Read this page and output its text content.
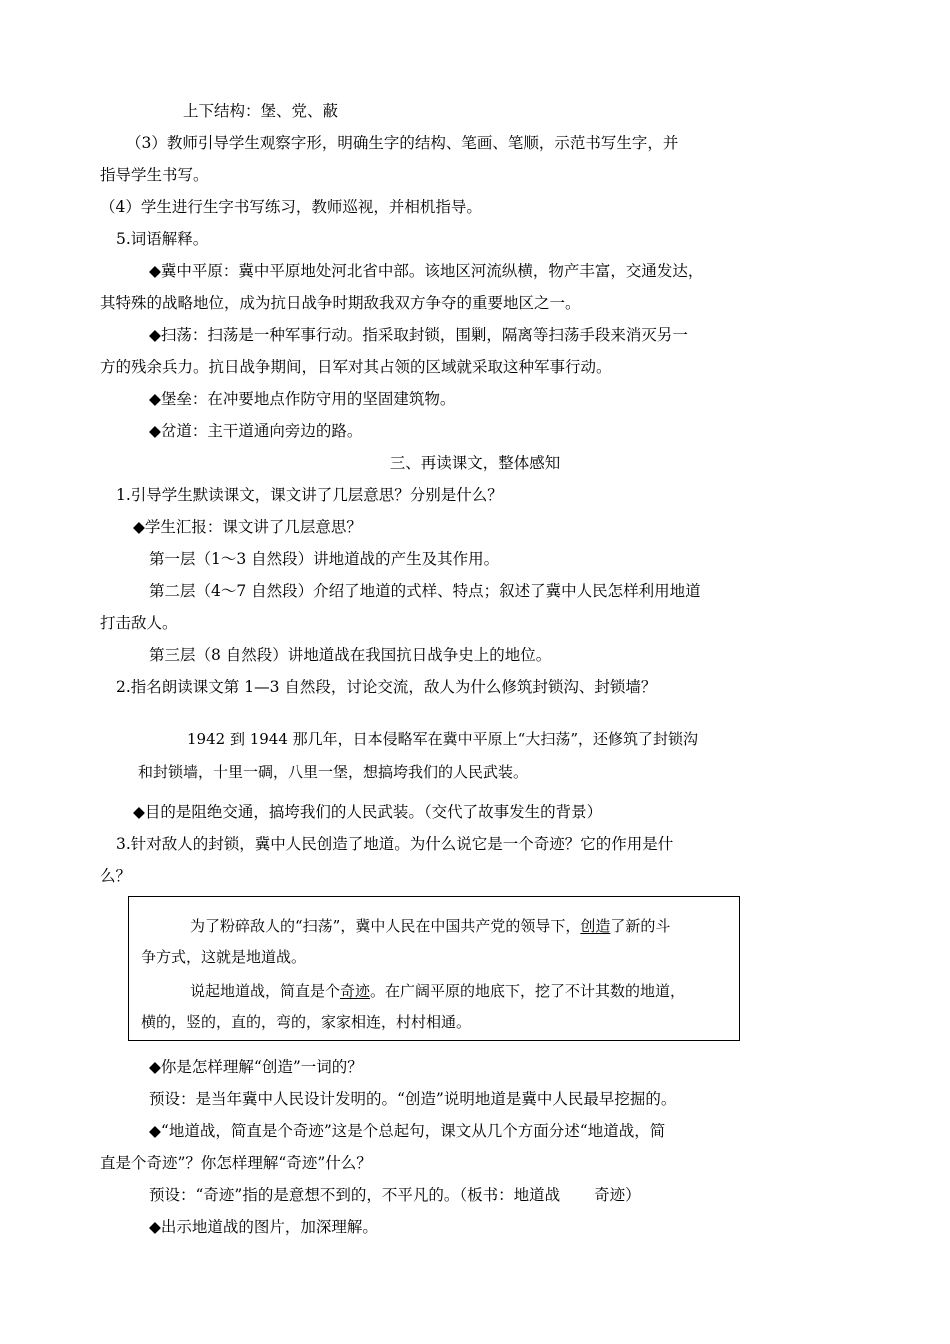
上下结构：堡、党、蔽

（3）教师引导学生观察字形，明确生字的结构、笔画、笔顺，示范书写生字，并

指导学生书写。

（4）学生进行生字书写练习，教师巡视，并相机指导。

5.词语解释。

◆冀中平原：冀中平原地处河北省中部。该地区河流纵横，物产丰富，交通发达，

其特殊的战略地位，成为抗日战争时期敌我双方争夺的重要地区之一。

◆扫荡：扫荡是一种军事行动。指采取封锁，围剿，隔离等扫荡手段来消灭另一

方的残余兵力。抗日战争期间，日军对其占领的区域就采取这种军事行动。

◆堡垒：在冲要地点作防守用的坚固建筑物。

◆岔道：主干道通向旁边的路。

三、再读课文，整体感知

1.引导学生默读课文，课文讲了几层意思？分别是什么？

◆学生汇报：课文讲了几层意思？

第一层（1～3 自然段）讲地道战的产生及其作用。

第二层（4～7 自然段）介绍了地道的式样、特点；叙述了冀中人民怎样利用地道

打击敌人。

第三层（8 自然段）讲地道战在我国抗日战争史上的地位。

2.指名朗读课文第 1—3 自然段，讨论交流，敌人为什么修筑封锁沟、封锁墙？

1942 到 1944 那几年，日本侵略军在冀中平原上“大扫荡”，还修筑了封锁沟

和封锁墙，十里一碉，八里一堡，想搞垮我们的人民武装。

◆目的是阻绝交通，搞垮我们的人民武装。（交代了故事发生的背景）

3.针对敌人的封锁，冀中人民创造了地道。为什么说它是一个奇迹？它的作用是什

么？

为了粉碎敌人的“扫荡”，冀中人民在中国共产党的领导下，创造了新的斗

争方式，这就是地道战。

说起地道战，简直是个奇迹。在广阔平原的地底下，挖了不计其数的地道，

横的，竖的，直的，弯的，家家相连，村村相通。

◆你是怎样理解“创造”一词的？

预设：是当年冀中人民设计发明的。“创造”说明地道是冀中人民最早挖掘的。

◆“地道战，简直是个奇迹”这是个总起句，课文从几个方面分述“地道战，简

直是个奇迹”？你怎样理解“奇迹”什么？

预设：“奇迹”指的是意想不到的，不平凡的。（板书：地道战 奇迹）

◆出示地道战的图片，加深理解。
